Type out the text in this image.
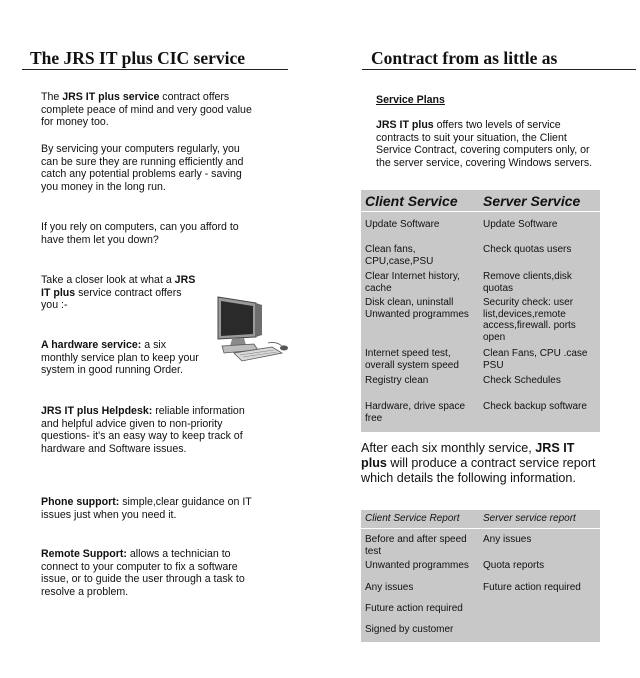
The JRS IT plus CIC service	Contract from as little as

The JRS IT plus service contract offers complete peace of mind and very good value for money too.

By servicing your computers regularly, you can be sure they are running efficiently and catch any potential problems early - saving you money in the long run.

If you rely on computers, can you afford to have them let you down?

Take a closer look at what a JRS IT plus service contract offers you :-

A hardware service: a six monthly service plan to keep your system in good running Order.

JRS IT plus Helpdesk: reliable information and helpful advice given to non-priority questions- it's an easy way to keep track of hardware and Software issues.

Phone support: simple,clear guidance on IT issues just when you need it.

Remote Support: allows a technician to connect to your computer to fix a software issue, or to guide the user through a task to resolve a problem.

Service Plans

JRS IT plus offers two levels of service contracts to suit your situation, the Client Service Contract, covering computers only, or the server service, covering Windows servers.

Client Service Server Service
Update Software
Clean fans, CPU,case,PSU
Clear Internet history, cache
Disk clean, uninstall Unwanted programmes
Internet speed test, overall system speed
Registry clean
Hardware, drive space free
Update Software
Check quotas users
Remove clients,disk quotas
Security check: user list,devices,remote access,firewall. ports open
Clean Fans, CPU .case PSU
Check Schedules
Check backup software

After each six monthly service, JRS IT plus will produce a contract service report which details the following information.

Client Service Report Server service report
Before and after speed test
Unwanted programmes
Any issues
Future action required
Signed by customer
Any issues
Quota reports
Future action required
